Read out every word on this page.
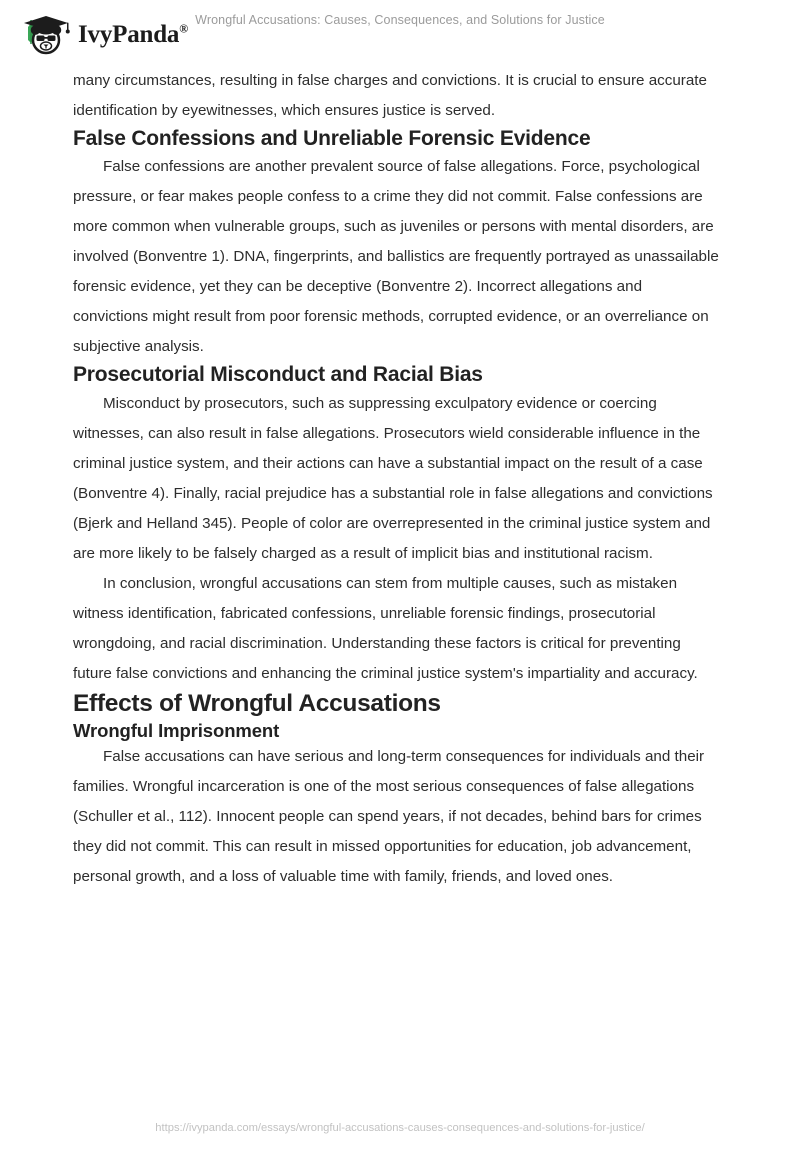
IvyPanda®
Wrongful Accusations: Causes, Consequences, and Solutions for Justice

many circumstances, resulting in false charges and convictions. It is crucial to ensure accurate identification by eyewitnesses, which ensures justice is served.

False Confessions and Unreliable Forensic Evidence

False confessions are another prevalent source of false allegations. Force, psychological pressure, or fear makes people confess to a crime they did not commit. False confessions are more common when vulnerable groups, such as juveniles or persons with mental disorders, are involved (Bonventre 1). DNA, fingerprints, and ballistics are frequently portrayed as unassailable forensic evidence, yet they can be deceptive (Bonventre 2). Incorrect allegations and convictions might result from poor forensic methods, corrupted evidence, or an overreliance on subjective analysis.

Prosecutorial Misconduct and Racial Bias

Misconduct by prosecutors, such as suppressing exculpatory evidence or coercing witnesses, can also result in false allegations. Prosecutors wield considerable influence in the criminal justice system, and their actions can have a substantial impact on the result of a case (Bonventre 4). Finally, racial prejudice has a substantial role in false allegations and convictions (Bjerk and Helland 345). People of color are overrepresented in the criminal justice system and are more likely to be falsely charged as a result of implicit bias and institutional racism.

In conclusion, wrongful accusations can stem from multiple causes, such as mistaken witness identification, fabricated confessions, unreliable forensic findings, prosecutorial wrongdoing, and racial discrimination. Understanding these factors is critical for preventing future false convictions and enhancing the criminal justice system's impartiality and accuracy.

Effects of Wrongful Accusations
Wrongful Imprisonment

False accusations can have serious and long-term consequences for individuals and their families. Wrongful incarceration is one of the most serious consequences of false allegations (Schuller et al., 112). Innocent people can spend years, if not decades, behind bars for crimes they did not commit. This can result in missed opportunities for education, job advancement, personal growth, and a loss of valuable time with family, friends, and loved ones.

https://ivypanda.com/essays/wrongful-accusations-causes-consequences-and-solutions-for-justice/
